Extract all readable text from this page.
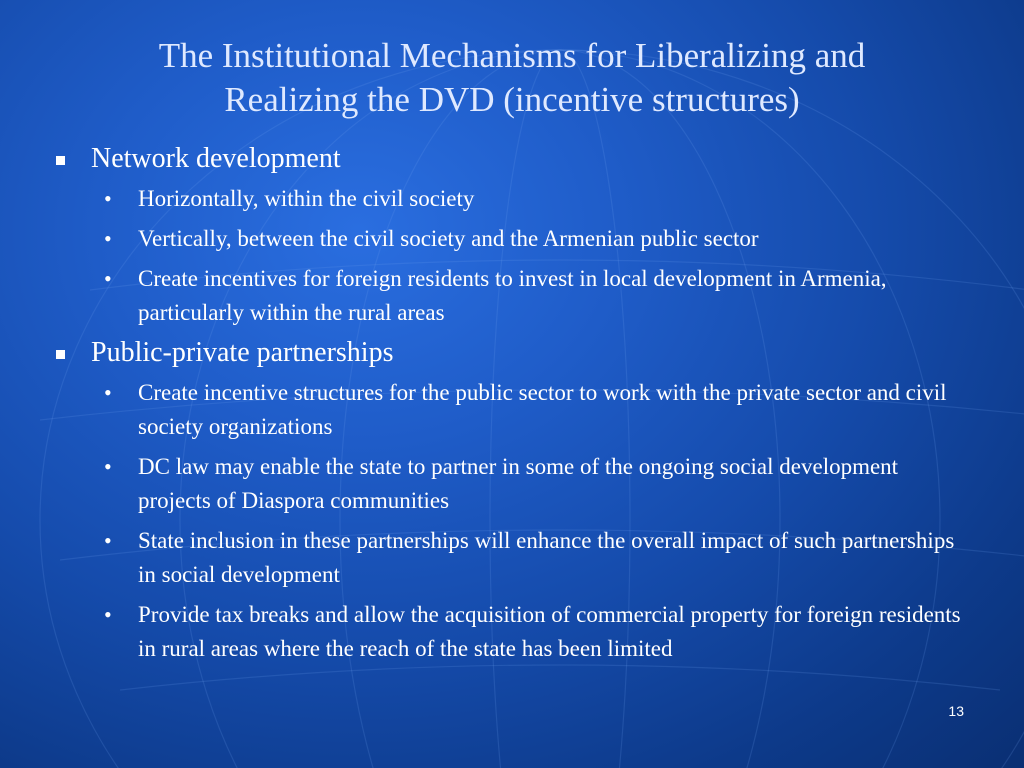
The Institutional Mechanisms for Liberalizing and
Realizing the DVD (incentive structures)
Network development
•	Horizontally, within the civil society
•	Vertically, between the civil society and the Armenian public sector
•	Create incentives for foreign residents to invest in local development in Armenia, particularly within the rural areas
Public-private partnerships
•	Create incentive structures for the public sector to work with the private sector and civil society organizations
•	DC law may enable the state to partner in some of the ongoing social development projects of Diaspora communities
•	State inclusion in these partnerships will enhance the overall impact of such partnerships in social development
•	Provide tax breaks and allow the acquisition of commercial property for foreign residents in rural areas where the reach of the state has been limited
13
